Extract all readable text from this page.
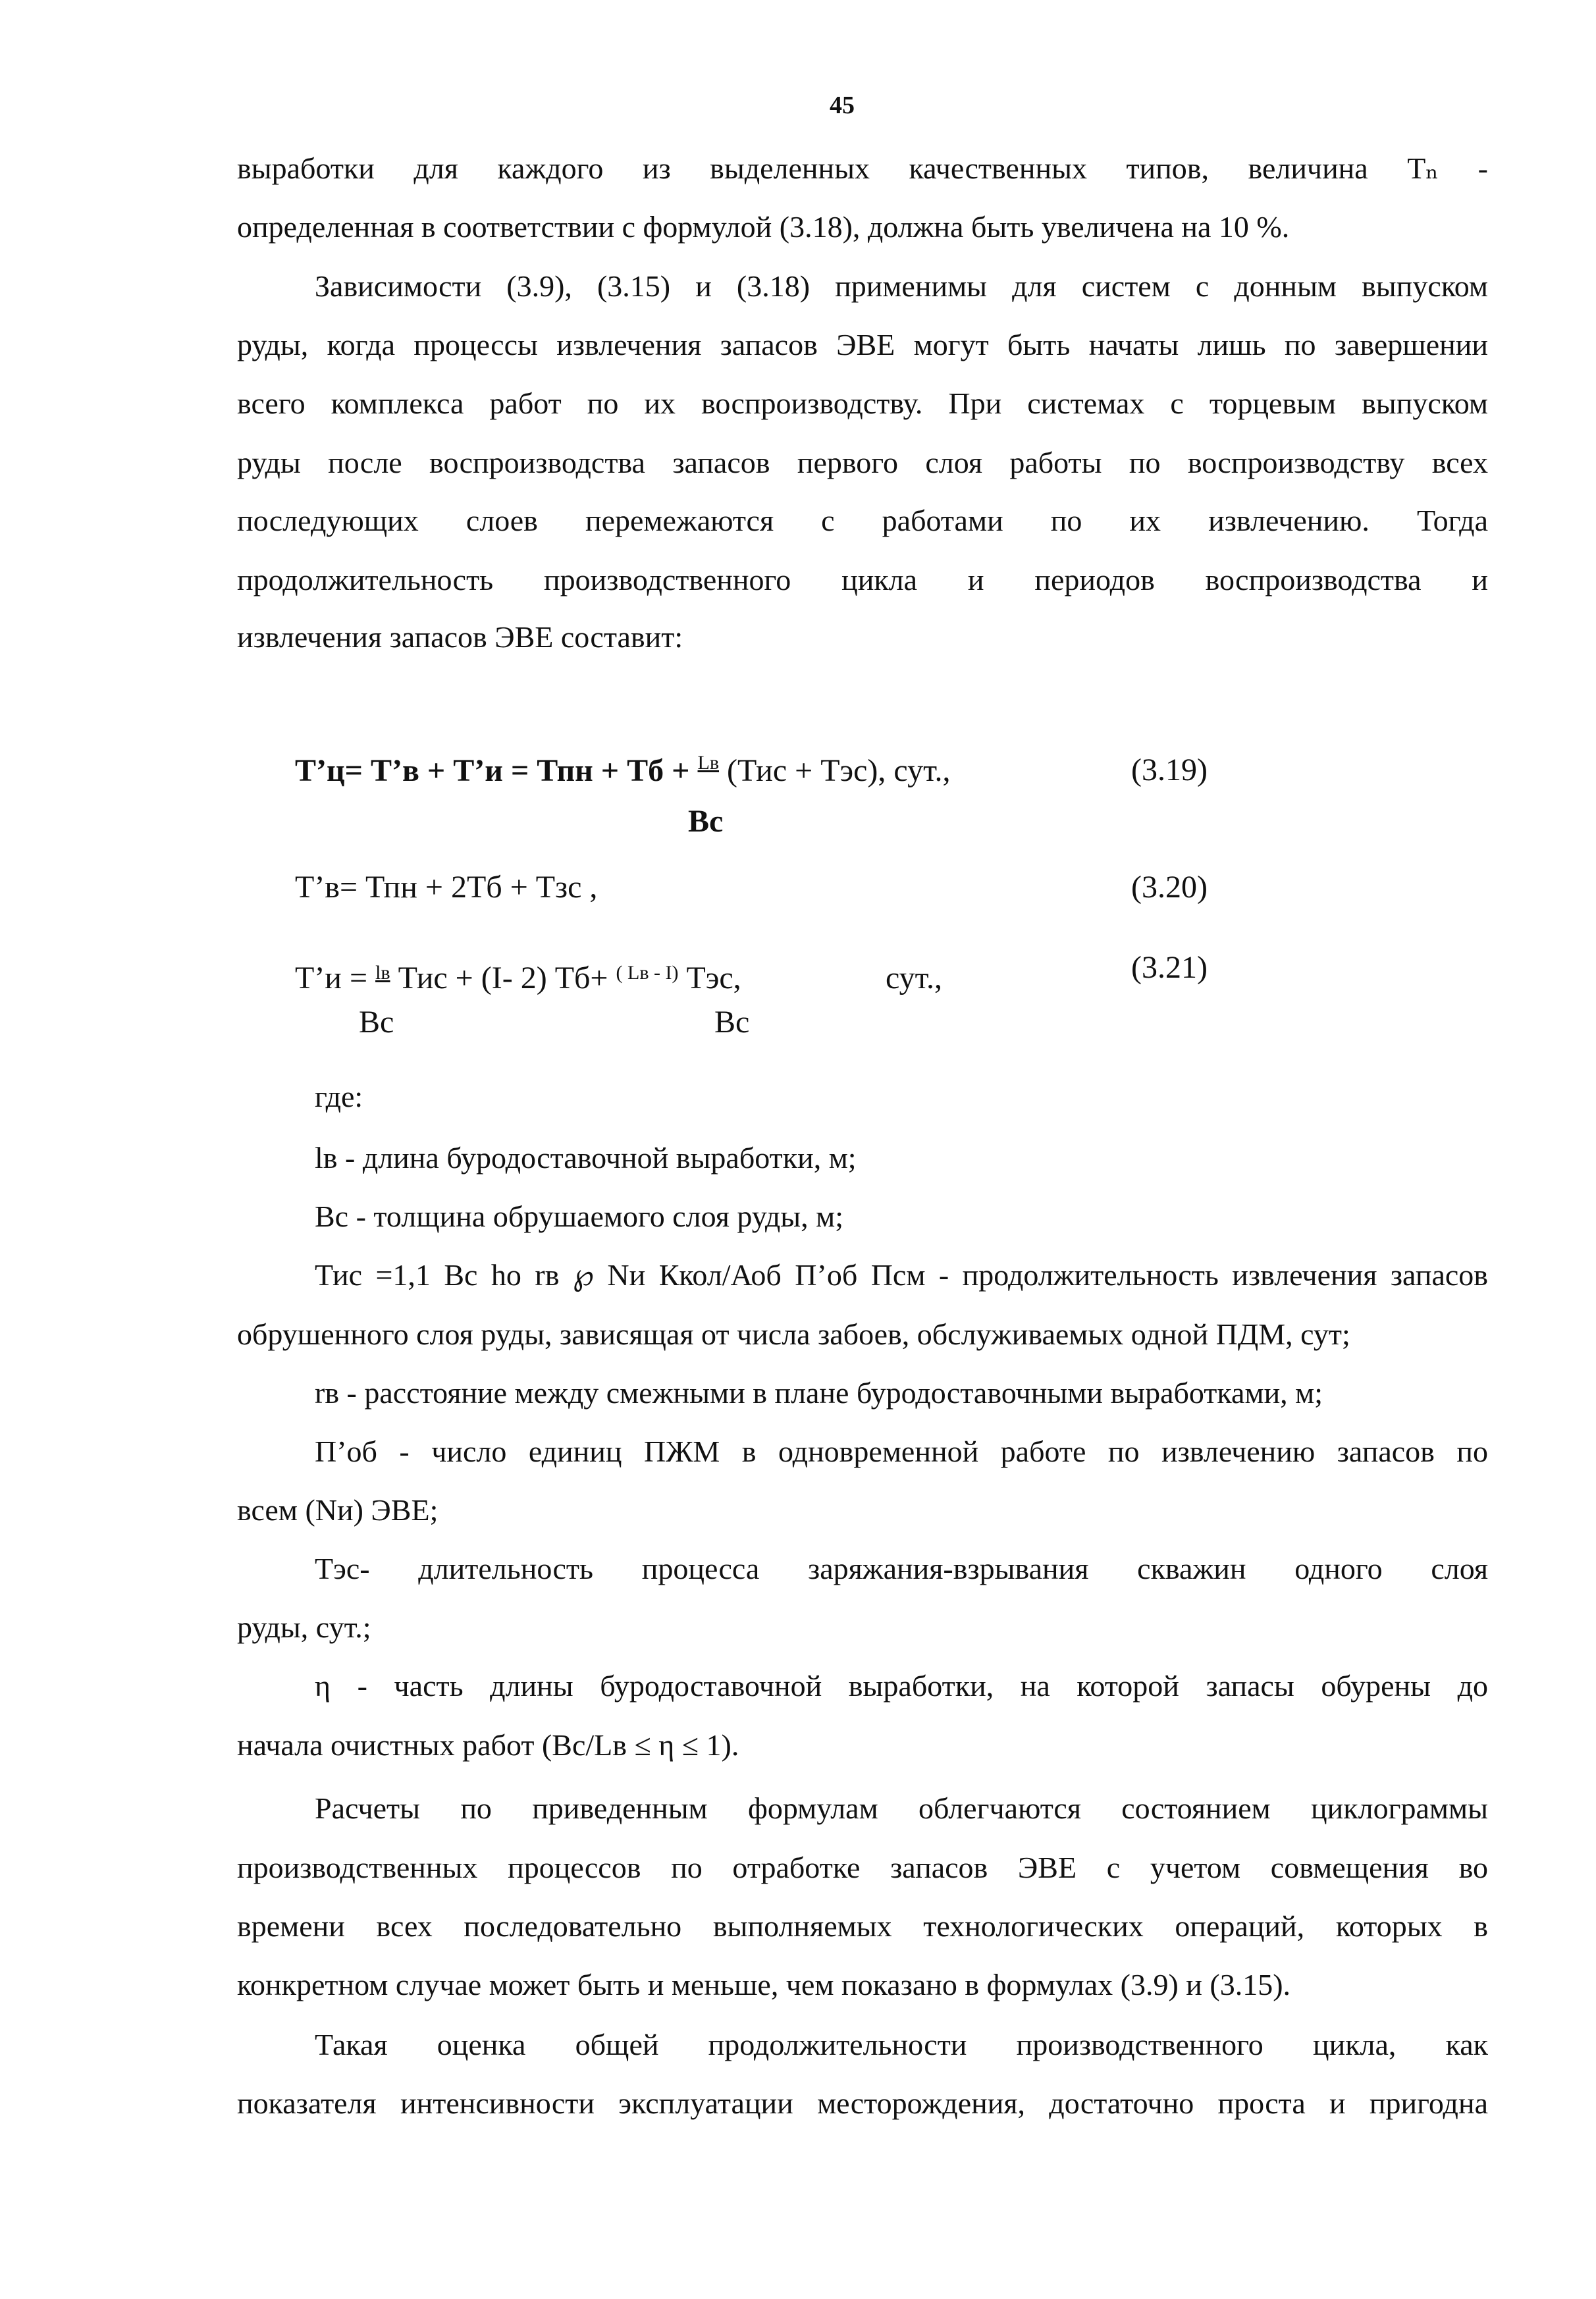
45
выработки для каждого из выделенных качественных типов, величина Тₙ -
определенная в соответствии с формулой (3.18), должна быть увеличена на 10 %.
Зависимости (3.9), (3.15) и (3.18) применимы для систем с донным выпуском
руды, когда процессы извлечения запасов ЭВЕ могут быть начаты лишь по завершении
всего комплекса работ по их воспроизводству. При системах с торцевым выпуском
руды после воспроизводства запасов первого слоя работы по воспроизводству всех
последующих слоев перемежаются с работами по их извлечению. Тогда
продолжительность производственного цикла и периодов воспроизводства и
извлечения запасов ЭВЕ составит:
Т’ц= Т’в + Т’и = Тпн + Тб + $^{Lв}$ (Тис + Тэс), сут.,
Вс
(3.19)
Т’в= Тпн + 2Тб + Тзс ,	(3.20)
Т’и = $^{lв}$ Тис + (I- 2) Тб+ $^{( Lв - I)}$ Тэс,	сут.,
Вс	Вс
(3.21)
где:
lв - длина буродоставочной выработки, м;
Вс - толщина обрушаемого слоя руды, м;
Тис =1,1 Вс ho rв ℘ Nи Ккол/Аоб П’об Псм - продолжительность извлечения запасов
обрушенного слоя руды, зависящая от числа забоев, обслуживаемых одной ПДМ, сут;
rв - расстояние между смежными в плане буродоставочными выработками, м;
П’об - число единиц ПЖМ в одновременной работе по извлечению запасов по
всем (Nи) ЭВЕ;
Тэс- длительность процесса заряжания-взрывания скважин одного слоя
руды, сут.;
η - часть длины буродоставочной выработки, на которой запасы обурены до
начала очистных работ (Вс/Lв ≤ η ≤ 1).
Расчеты по приведенным формулам облегчаются состоянием циклограммы
производственных процессов по отработке запасов ЭВЕ с учетом совмещения во
времени всех последовательно выполняемых технологических операций, которых в
конкретном случае может быть и меньше, чем показано в формулах (3.9) и (3.15).
Такая оценка общей продолжительности производственного цикла, как
показателя интенсивности эксплуатации месторождения, достаточно проста и пригодна
